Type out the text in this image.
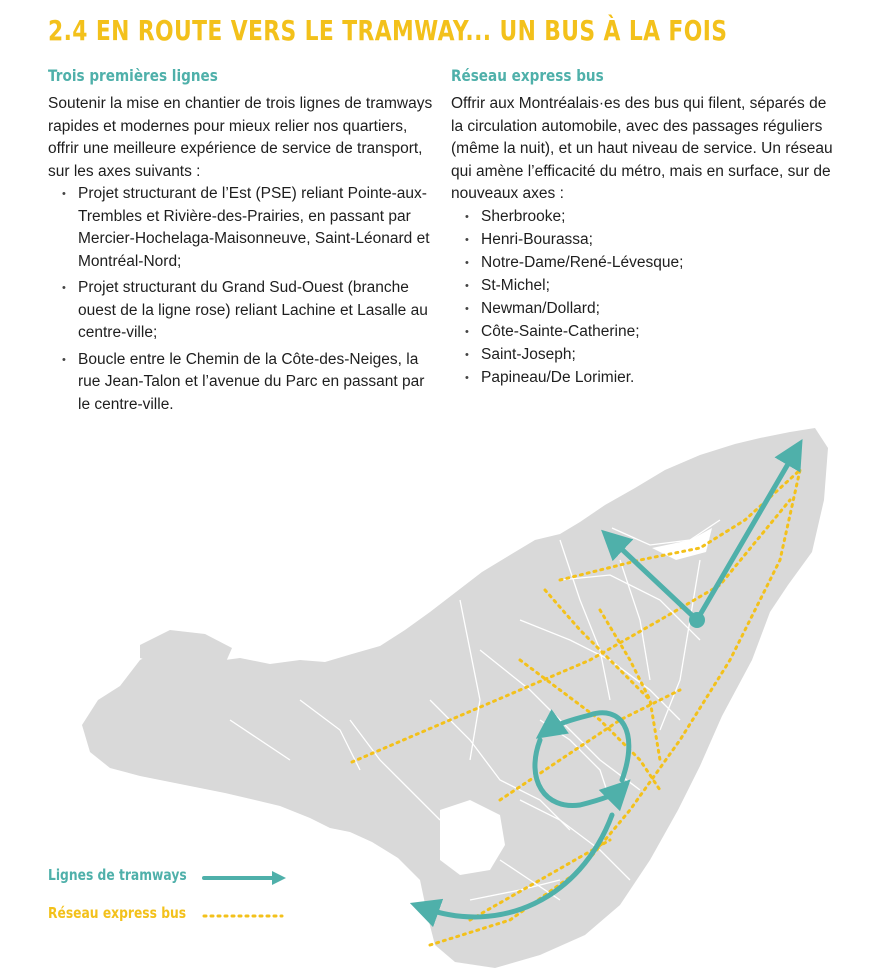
2.4 EN ROUTE VERS LE TRAMWAY... UN BUS À LA FOIS
Trois premières lignes

Soutenir la mise en chantier de trois lignes de tramways rapides et modernes pour mieux relier nos quartiers, offrir une meilleure expérience de service de transport, sur les axes suivants :

• Projet structurant de l’Est (PSE) reliant Pointe-aux-Trembles et Rivière-des-Prairies, en passant par Mercier-Hochelaga-Maisonneuve, Saint-Léonard et Montréal-Nord;
• Projet structurant du Grand Sud-Ouest (branche ouest de la ligne rose) reliant Lachine et Lasalle au centre-ville;
• Boucle entre le Chemin de la Côte-des-Neiges, la rue Jean-Talon et l’avenue du Parc en passant par le centre-ville.
Réseau express bus

Offrir aux Montréalais·es des bus qui filent, séparés de la circulation automobile, avec des passages réguliers (même la nuit), et un haut niveau de service. Un réseau qui amène l’efficacité du métro, mais en surface, sur de nouveaux axes :

• Sherbrooke;
• Henri-Bourassa;
• Notre-Dame/René-Lévesque;
• St-Michel;
• Newman/Dollard;
• Côte-Sainte-Catherine;
• Saint-Joseph;
• Papineau/De Lorimier.
Lignes de tramways
Réseau express bus
